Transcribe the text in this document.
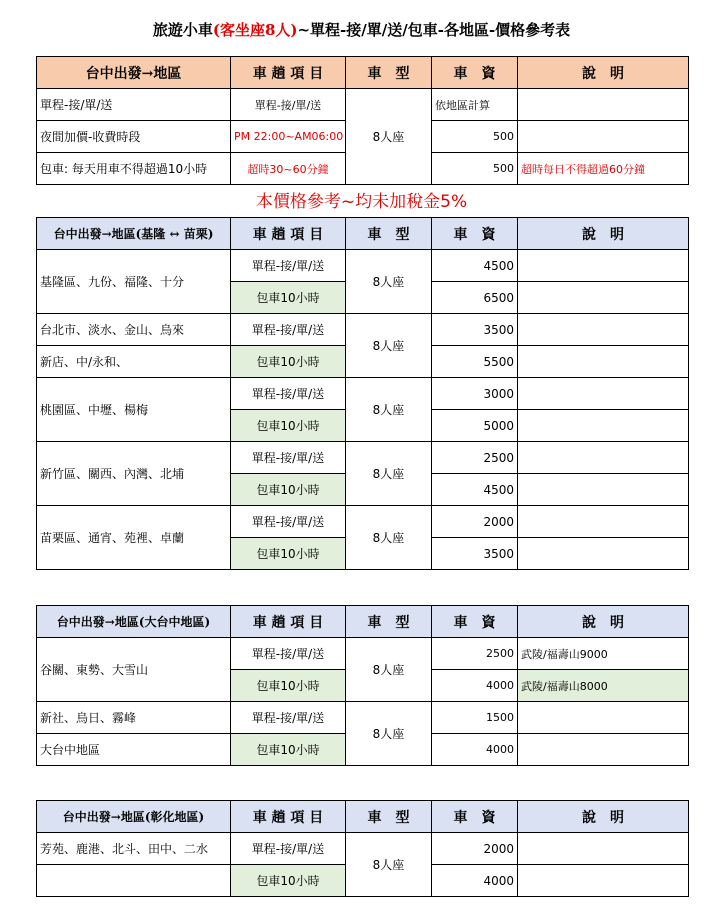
旅遊小車(客坐座8人)~單程-接/單/送/包車-各地區-價格參考表
台中出發→地區	車 趟 項 目	車　型	車　資	說　明
單程-接/單/送	單程-接/單/送	8人座	依地區計算	
夜間加價-收費時段	PM 22:00~AM06:00		500	
包車: 每天用車不得超過10小時	超時30~60分鐘		500	超時每日不得超過60分鐘
本價格參考~均未加稅金5%
台中出發→地區(基隆 ↔ 苗栗)	車 趟 項 目	車　型	車　資	說　明
基隆區、九份、福隆、十分	單程-接/單/送	8人座	4500	
	包車10小時		6500	
台北市、淡水、金山、烏來	單程-接/單/送	8人座	3500	
新店、中/永和、	包車10小時		5500	
桃園區、中壢、楊梅	單程-接/單/送	8人座	3000	
	包車10小時		5000	
新竹區、關西、內灣、北埔	單程-接/單/送	8人座	2500	
	包車10小時		4500	
苗栗區、通宵、苑裡、卓蘭	單程-接/單/送	8人座	2000	
	包車10小時		3500	
台中出發→地區(大台中地區)	車 趟 項 目	車　型	車　資	說　明
谷關、東勢、大雪山	單程-接/單/送	8人座	2500	武陵/福壽山9000
	包車10小時		4000	武陵/福壽山8000
新社、烏日、霧峰	單程-接/單/送	8人座	1500	
大台中地區	包車10小時		4000	
台中出發→地區(彰化地區)	車 趟 項 目	車　型	車　資	說　明
芳苑、鹿港、北斗、田中、二水	單程-接/單/送	8人座	2000	
	包車10小時		4000	
